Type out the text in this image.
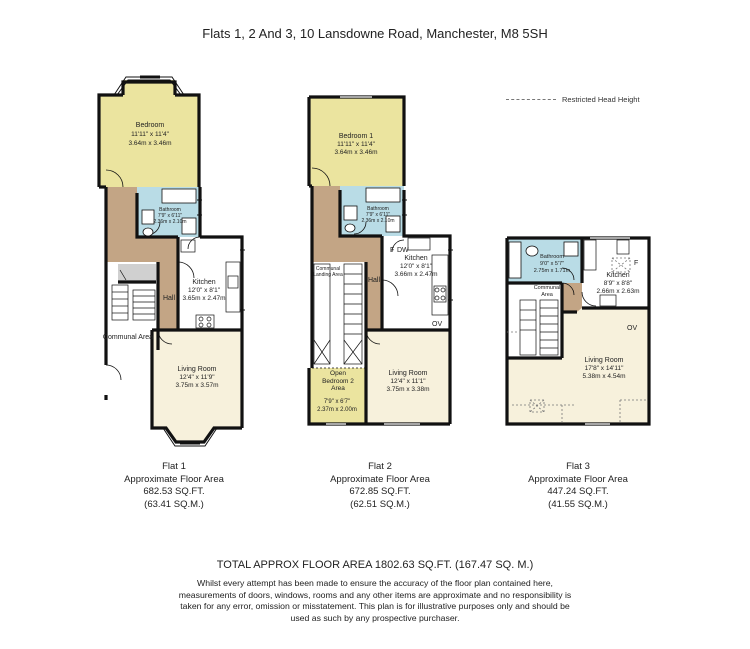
Flats 1, 2 And 3, 10 Lansdowne Road, Manchester, M8 5SH
Restricted Head Height
Bedroom
11'11" x 11'4"
3.64m x 3.46m
Bathroom
7'9" x 6'11"
2.36m x 2.10m
Kitchen
12'0" x 8'1"
3.65m x 2.47m
Hall
Communal Area
Living Room
12'4" x 11'9"
3.75m x 3.57m
F DW
OV
Bedroom 1
11'11" x 11'4"
3.64m x 3.46m
Bathroom
7'9" x 6'11"
2.36m x 2.10m
Kitchen
12'0" x 8'1"
3.66m x 2.47m
Hall
Communal Landing Area
Living Room
12'4" x 11'1"
3.75m x 3.38m
Open Bedroom 2 Area
7'9" x 6'7"
2.37m x 2.00m
F
OV
Bathroom
9'0" x 5'7"
2.75m x 1.71m
Kitchen
8'9" x 8'8"
2.66m x 2.63m
Communal Area
Living Room
17'8" x 14'11"
5.38m x 4.54m
Flat 1
Approximate Floor Area
682.53 SQ.FT.
(63.41 SQ.M.)
Flat 2
Approximate Floor Area
672.85 SQ.FT.
(62.51 SQ.M.)
Flat 3
Approximate Floor Area
447.24 SQ.FT.
(41.55 SQ.M.)
TOTAL APPROX FLOOR AREA 1802.63 SQ.FT. (167.47 SQ. M.)
Whilst every attempt has been made to ensure the accuracy of the floor plan contained here, measurements of doors, windows, rooms and any other items are approximate and no responsibility is taken for any error, omission or misstatement. This plan is for illustrative purposes only and should be used as such by any prospective purchaser.
